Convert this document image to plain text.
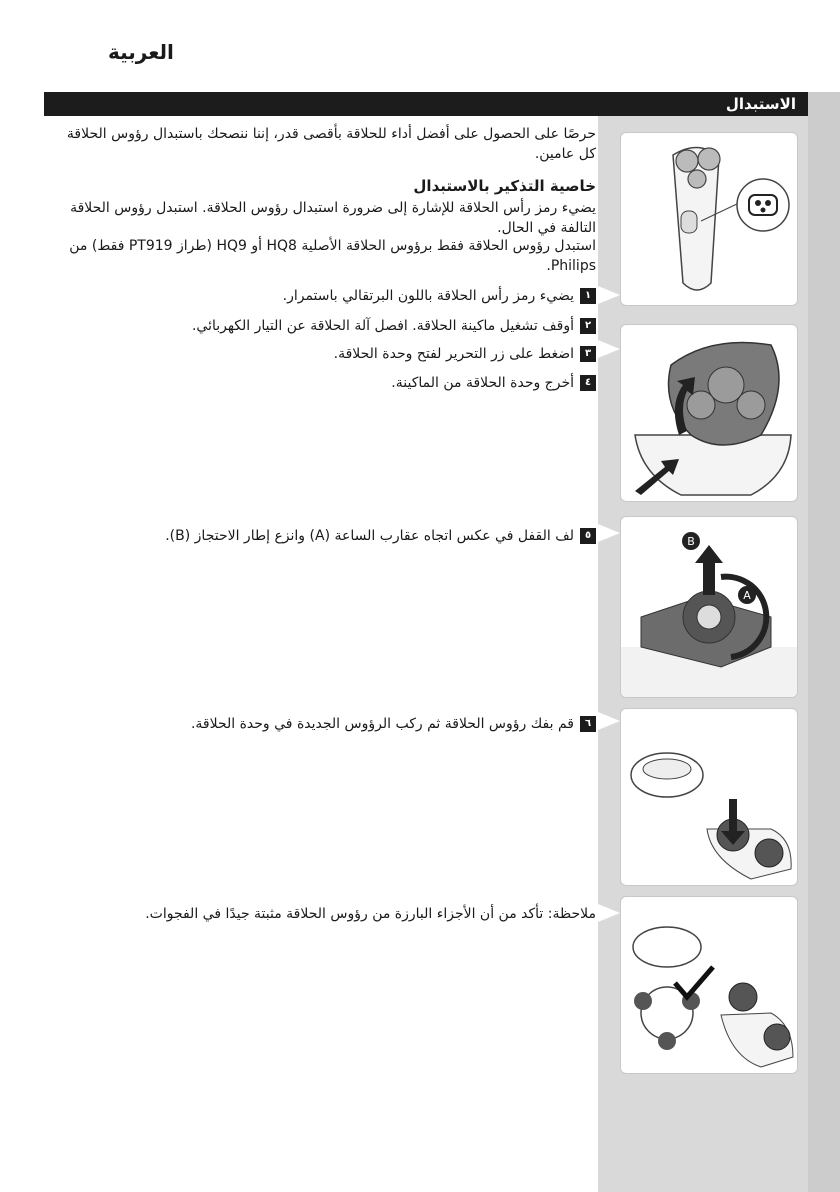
العربية
الاستبدال
حرصًا على الحصول على أفضل أداء للحلاقة بأقصى قدر، إننا ننصحك باستبدال رؤوس الحلاقة كل عامين.
خاصية التذكير بالاستبدال
يضيء رمز رأس الحلاقة للإشارة إلى ضرورة استبدال رؤوس الحلاقة. استبدل رؤوس الحلاقة التالفة في الحال.
استبدل رؤوس الحلاقة فقط برؤوس الحلاقة الأصلية HQ8 أو HQ9 (طراز PT919 فقط) من Philips.
١
يضيء رمز رأس الحلاقة باللون البرتقالي باستمرار.
٢
أوقف تشغيل ماكينة الحلاقة. افصل آلة الحلاقة عن التيار الكهربائي.
٣
اضغط على زر التحرير لفتح وحدة الحلاقة.
٤
أخرج وحدة الحلاقة من الماكينة.
٥
لف القفل في عكس اتجاه عقارب الساعة (A) وانزع إطار الاحتجاز (B).
٦
قم بفك رؤوس الحلاقة ثم ركب الرؤوس الجديدة في وحدة الحلاقة.
ملاحظة: تأكد من أن الأجزاء البارزة من رؤوس الحلاقة مثبتة جيدًا في الفجوات.
B
A
